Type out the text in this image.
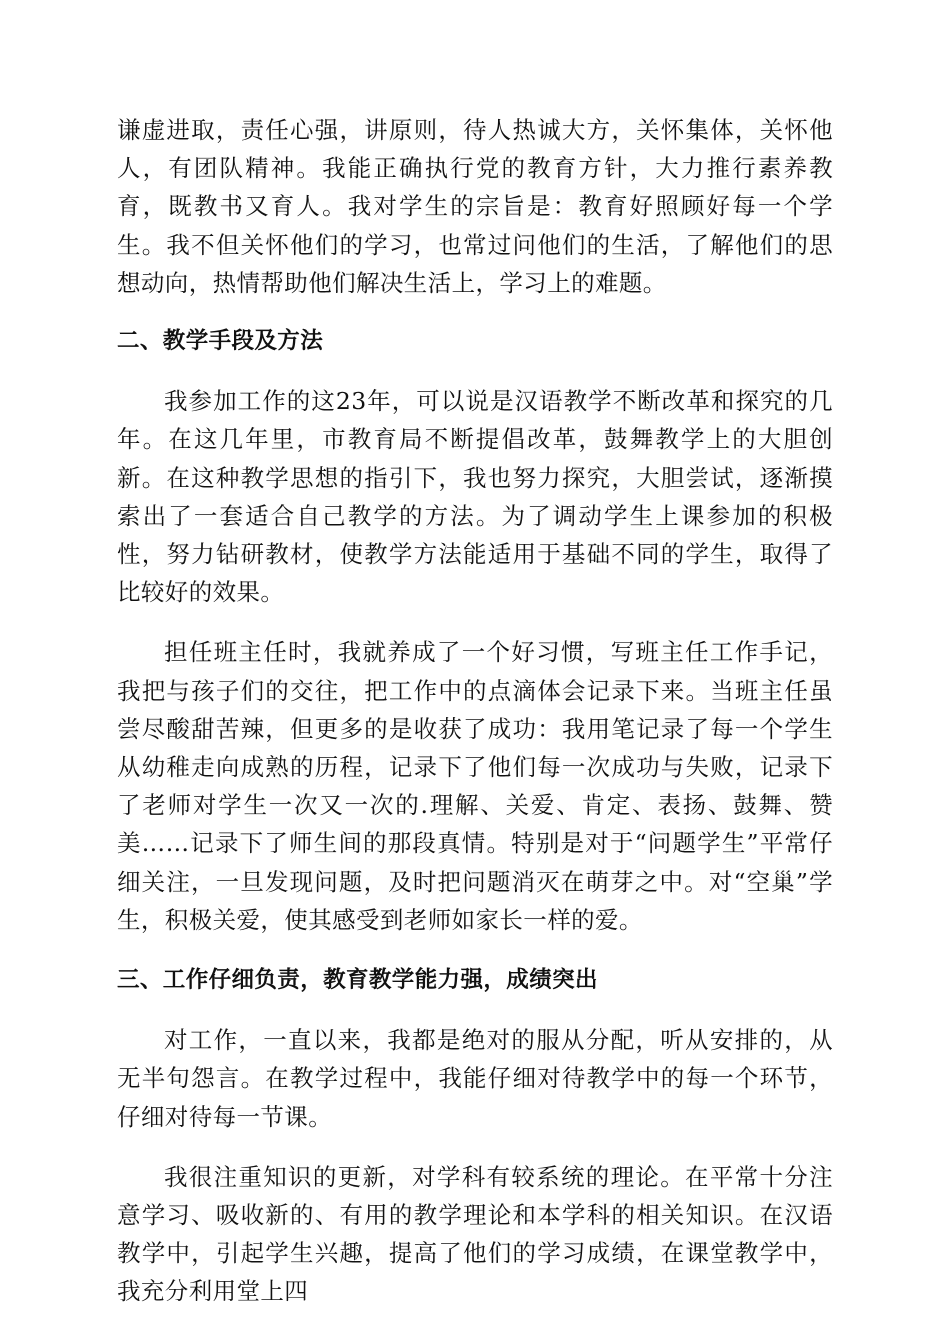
谦虚进取，责任心强，讲原则，待人热诚大方，关怀集体，关怀他人，有团队精神。我能正确执行党的教育方针，大力推行素养教育，既教书又育人。我对学生的宗旨是：教育好照顾好每一个学生。我不但关怀他们的学习，也常过问他们的生活，了解他们的思想动向，热情帮助他们解决生活上，学习上的难题。

二、教学手段及方法

我参加工作的这23年，可以说是汉语教学不断改革和探究的几年。在这几年里，市教育局不断提倡改革，鼓舞教学上的大胆创新。在这种教学思想的指引下，我也努力探究，大胆尝试，逐渐摸索出了一套适合自己教学的方法。为了调动学生上课参加的积极性，努力钻研教材，使教学方法能适用于基础不同的学生，取得了比较好的效果。

担任班主任时，我就养成了一个好习惯，写班主任工作手记，我把与孩子们的交往，把工作中的点滴体会记录下来。当班主任虽尝尽酸甜苦辣，但更多的是收获了成功：我用笔记录了每一个学生从幼稚走向成熟的历程，记录下了他们每一次成功与失败，记录下了老师对学生一次又一次的.理解、关爱、肯定、表扬、鼓舞、赞美……记录下了师生间的那段真情。特别是对于“问题学生”平常仔细关注，一旦发现问题，及时把问题消灭在萌芽之中。对“空巢”学生，积极关爱，使其感受到老师如家长一样的爱。

三、工作仔细负责，教育教学能力强，成绩突出

对工作，一直以来，我都是绝对的服从分配，听从安排的，从无半句怨言。在教学过程中，我能仔细对待教学中的每一个环节，仔细对待每一节课。

我很注重知识的更新，对学科有较系统的理论。在平常十分注意学习、吸收新的、有用的教学理论和本学科的相关知识。在汉语教学中，引起学生兴趣，提高了他们的学习成绩，在课堂教学中，我充分利用堂上四
